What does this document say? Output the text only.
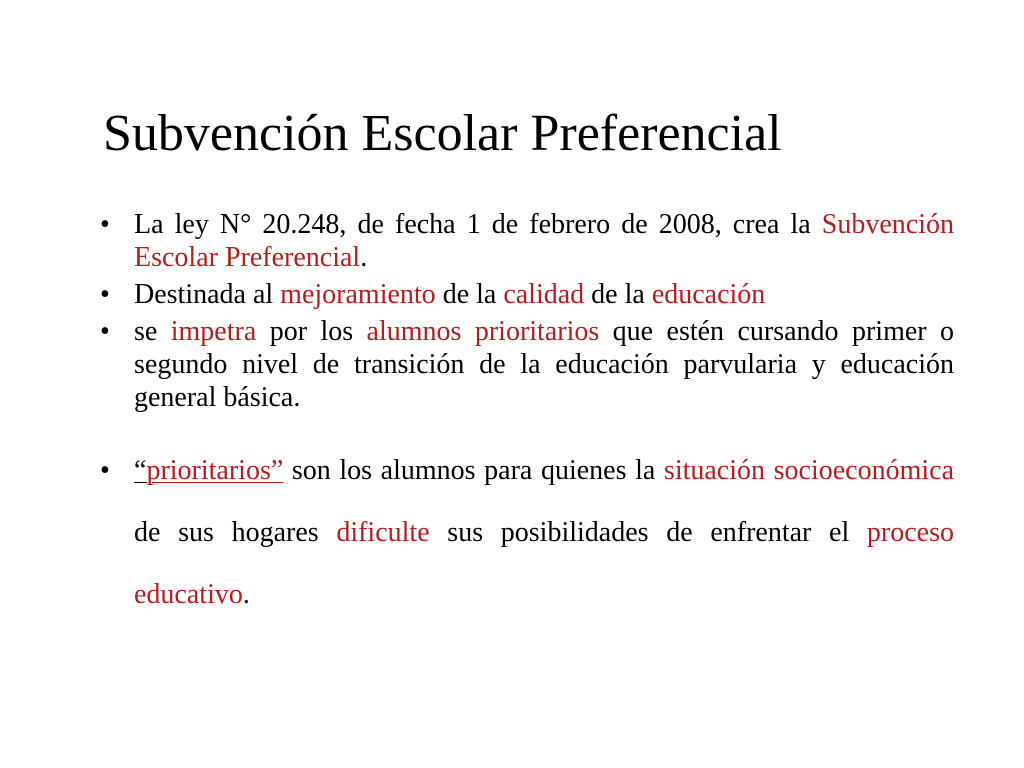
Subvención Escolar Preferencial
• La ley N° 20.248, de fecha 1 de febrero de 2008, crea la Subvención Escolar Preferencial.
• Destinada al mejoramiento de la calidad de la educación
• se impetra por los alumnos prioritarios que estén cursando primer o segundo nivel de transición de la educación parvularia y educación general básica.
• “prioritarios” son los alumnos para quienes la situación socioeconómica de sus hogares dificulte sus posibilidades de enfrentar el proceso educativo.
